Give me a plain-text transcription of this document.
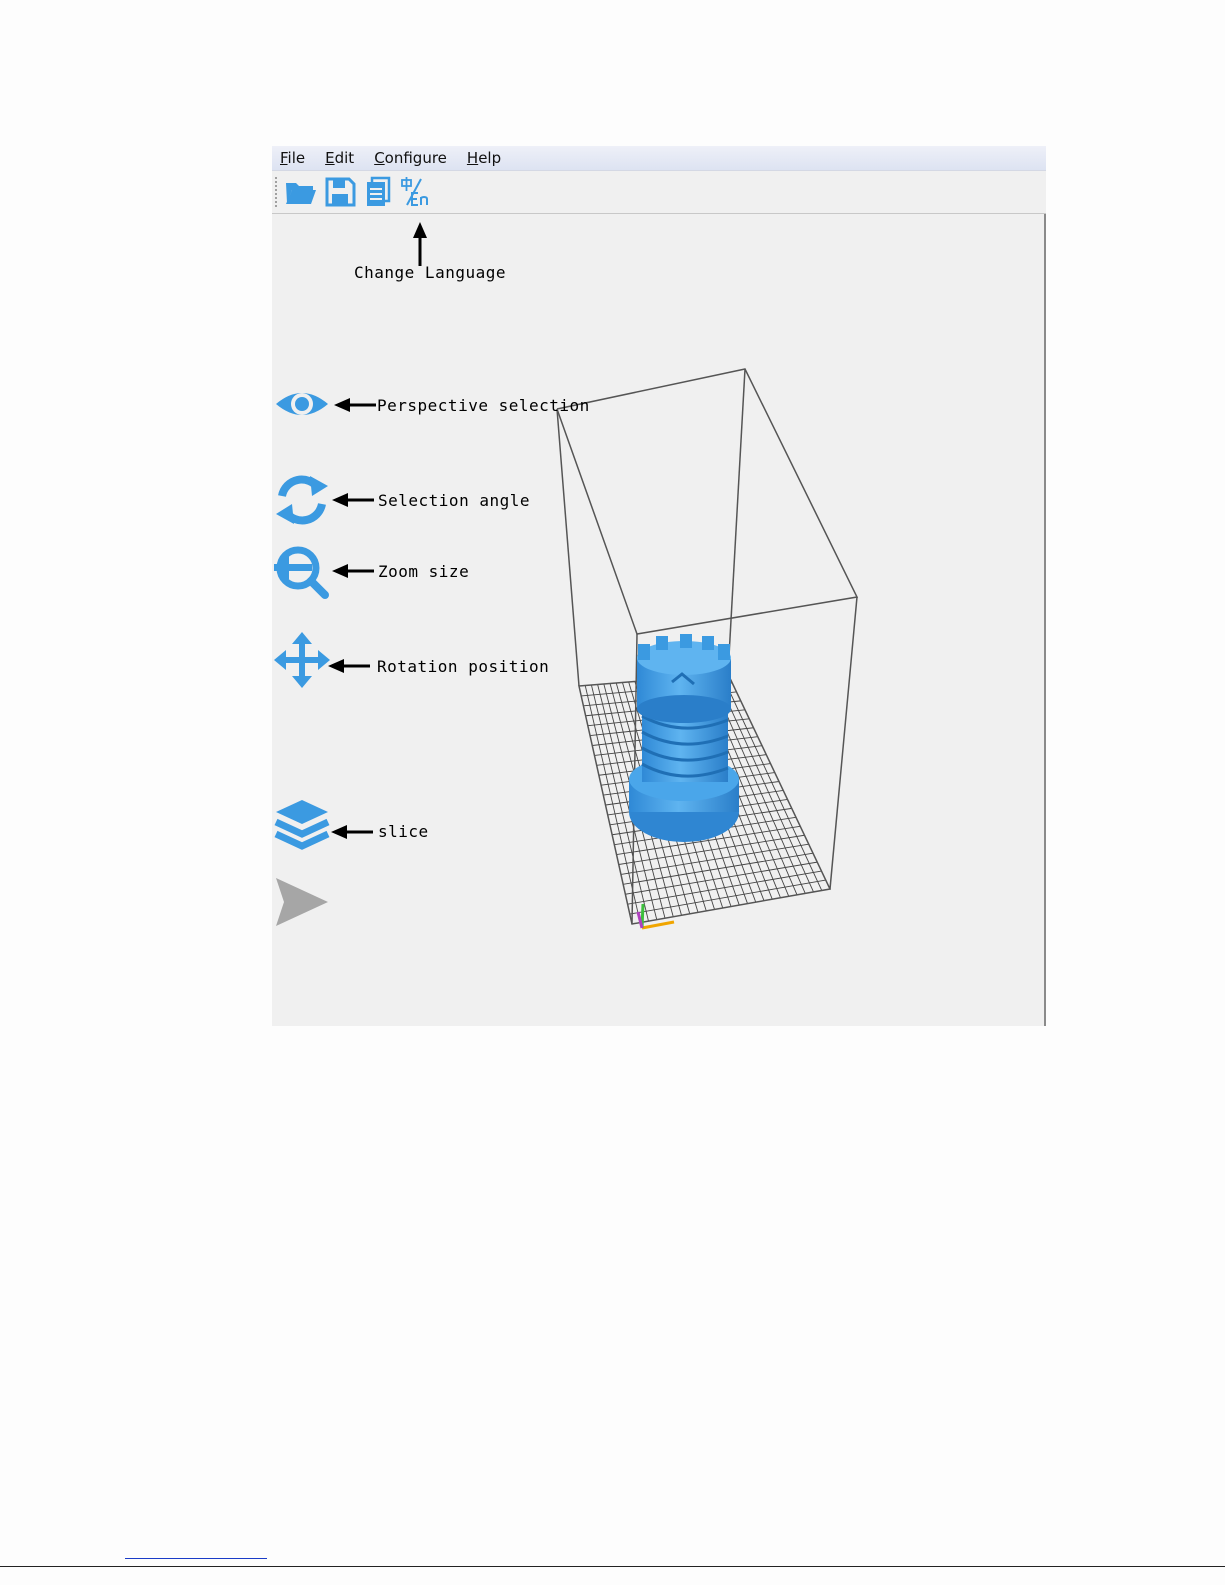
File Edit Configure Help
Change Language
Perspective selection
Selection angle
Zoom size
Rotation position
slice
